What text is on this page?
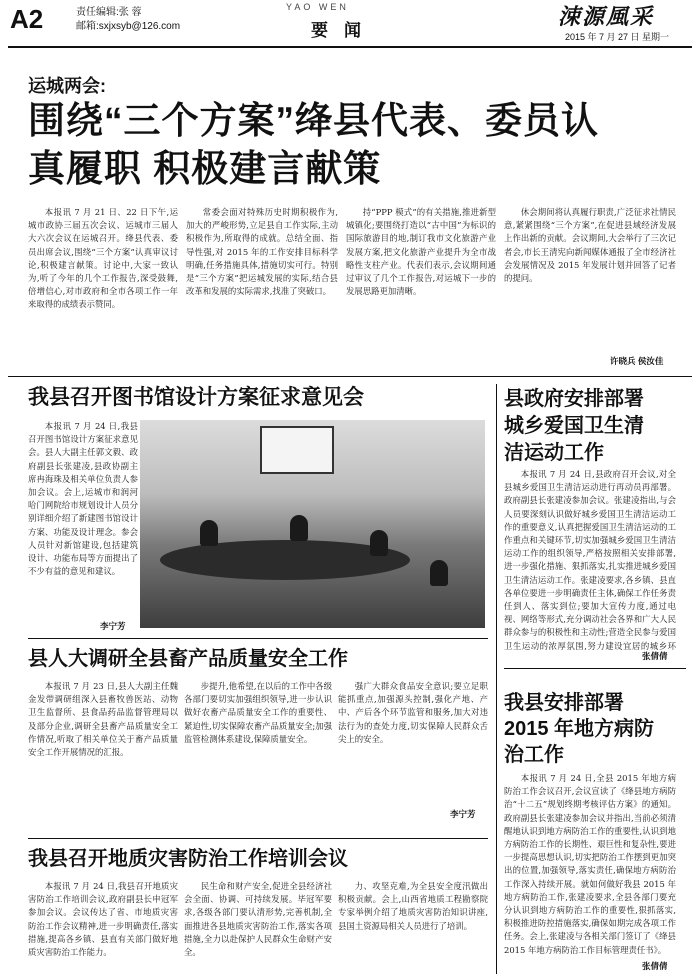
A2	责任编辑:张 蓉
邮箱:sxjxsyb@126.com
YAO WEN
要闻
涑源風采
2015 年 7 月 27 日 星期一
运城两会:
围绕“三个方案”绛县代表、委员认
真履职 积极建言献策

本报讯 7 月 21 日、22 日下午,运城市政协三届五次会议、运城市三届人大六次会议在运城召开。绛县代表、委员出席会议,围绕“三个方案”认真审议讨论,积极建言献策。讨论中,大家一致认为,听了今年的几个工作报告,深受鼓舞,倍增信心,对市政府和全市各项工作一年来取得的成绩表示赞同。

常委会面对特殊历史时期积极作为,加大的严峻形势,立足县自工作实际,主动积极作为,所取得的成就。总结全面、指导性强,对 2015 年的工作安排目标科学明确,任务措施具体,措施切实可行。特别是“三个方案”把运城发展的实际,结合县改革和发展的实际需求,找准了突破口。

持“PPP 模式”的有关措施,推进新型城镇化;要围绕打造以“古中国”为标识的国际旅游目的地,制订我市文化旅游产业发展方案,把文化旅游产业提升为全市战略性支柱产业。代表们表示,会议期间通过审议了几个工作报告,对运城下一步的发展思路更加清晰。

休会期间将认真履行职责,广泛征求社情民意,紧紧围绕“三个方案”,在促进县域经济发展上作出新的贡献。会议期间,大会举行了三次记者会,市长王清宪向新闻媒体通报了全市经济社会发展情况及 2015 年发展计划并回答了记者的提问。

许晓兵 侯汝佳
我县召开图书馆设计方案征求意见会

本报讯 7 月 24 日,我县召开图书馆设计方案征求意见会。县人大副主任郭文毅、政府副县长张建凌,县政协副主席冉海珠及相关单位负责人参加会议。会上,运城市和润河哈门网院给市规划设计人员分别详细介绍了新建图书馆设计方案、功能及设计理念。参会人员针对新馆建设,包括建筑设计、功能布局等方面提出了不少有益的意见和建议。

李宁芳
县人大调研全县畜产品质量安全工作

本报讯 7 月 23 日,县人大副主任魏金发带调研组深入县畜牧兽医站、动物卫生监督所、县食品药品监督管理局以及部分企业,调研全县畜产品质量安全工作情况,听取了相关单位关于畜产品质量安全工作开展情况的汇报。

步提升,他希望,在以后的工作中各级各部门要切实加强组织领导,进一步认识做好农畜产品质量安全工作的重要性、紧迫性,切实保障农畜产品质量安全;加强监管检测体系建设,保障质量安全。

强广大群众食品安全意识;要立足职能抓重点,加强源头控制,强化产地、产中、产后各个环节监管和服务,加大对违法行为的查处力度,切实保障人民群众舌尖上的安全。

李宁芳
我县召开地质灾害防治工作培训会议

本报讯 7 月 24 日,我县召开地质灾害防治工作培训会议,政府副县长申冠军参加会议。会议传达了省、市地质灾害防治工作会议精神,进一步明确责任,落实措施,提高各乡镇、县直有关部门做好地质灾害防治工作能力。

民生命和财产安全,促进全县经济社会全面、协调、可持续发展。毕冠军要求,各级各部门要认清形势,完善机制,全面推进各县地质灾害防治工作,落实各项措施,全力以赴保护人民群众生命财产安全。

力、攻坚克难,为全县安全度汛做出积极贡献。会上,山西省地质工程勘察院专家举例介绍了地质灾害防治知识讲座,县国土资源局相关人员进行了培训。

县政府安排部署
城乡爱国卫生清
洁运动工作

本报讯 7 月 24 日,县政府召开会议,对全县城乡爱国卫生清洁运动进行再动员再部署。政府副县长张建凌参加会议。张建凌指出,与会人员要深刻认识做好城乡爱国卫生清洁运动工作的重要意义,认真把握爱国卫生清洁运动的工作重点和关键环节,切实加强城乡爱国卫生清洁运动工作的组织领导,严格按照相关安排部署,进一步强化措施、狠抓落实,扎实推进城乡爱国卫生清洁运动工作。张建凌要求,各乡镇、县直各单位要进一步明确责任主体,确保工作任务责任到人、落实到位;要加大宣传力度,通过电视、网络等形式,充分调动社会各界和广大人民群众参与的积极性和主动性;营造全民参与爱国卫生运动的浓厚氛围,努力建设宜居的城乡环

张倩倩
我县安排部署
2015 年地方病防
治工作

本报讯 7 月 24 日,全县 2015 年地方病防治工作会议召开,会议宣读了《绛县地方病防治“十二五”规划终期考核评估方案》的通知。政府副县长张建凌参加会议并指出,当前必须清醒地认识到地方病防治工作的重要性,认识到地方病防治工作的长期性、艰巨性和复杂性,要进一步提高思想认识,切实把防治工作摆到更加突出的位置,加强领导,落实责任,确保地方病防治工作深入持续开展。就如何做好我县 2015 年地方病防治工作,张建凌要求,全县各部门要充分认识到地方病防治工作的重要性,狠抓落实,积极推进防控措施落实,确保如期完成各项工作任务。会上,张建凌与各相关部门签订了《绛县 2015 年地方病防治工作目标管理责任书》。

张倩倩
